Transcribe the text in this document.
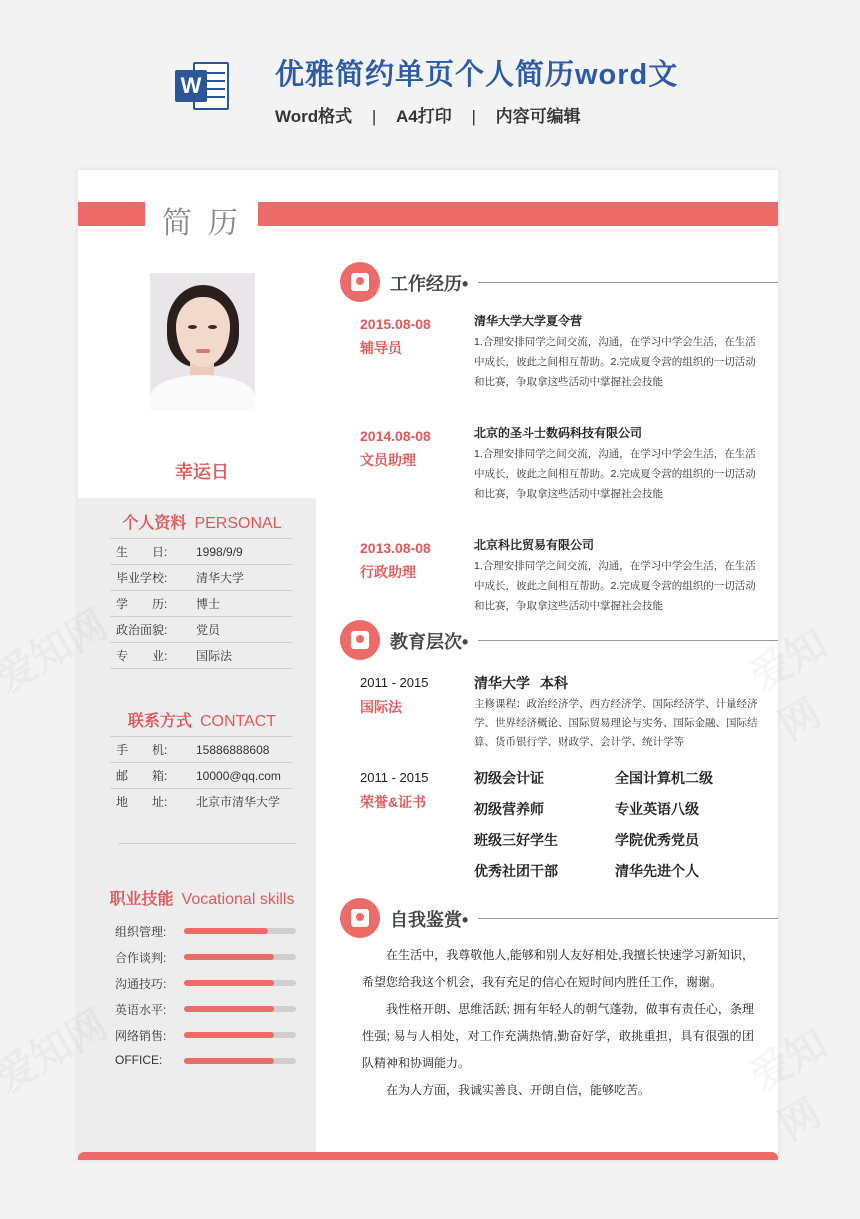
W	优雅简约单页个人简历word文
Word格式 | A4打印 | 内容可编辑
简历
幸运日
个人资料 PERSONAL
生　　日: 1998/9/9
毕业学校: 清华大学
学　　历: 博士
政治面貌: 党员
专　　业: 国际法
联系方式 CONTACT
手　　机: 15886888608
邮　　箱: 10000@qq.com
地　　址: 北京市清华大学
职业技能 Vocational skills
组织管理:
合作谈判:
沟通技巧:
英语水平:
网络销售:
OFFICE:
工作经历•
2015.08-08
辅导员
清华大学大学夏令营
1.合理安排同学之间交流，沟通，在学习中学会生活，在生活中成长，彼此之间相互帮助。2.完成夏令营的组织的一切活动和比赛，争取拿这些活动中掌握社会技能
2014.08-08
文员助理
北京的圣斗士数码科技有限公司
1.合理安排同学之间交流，沟通，在学习中学会生活，在生活中成长，彼此之间相互帮助。2.完成夏令营的组织的一切活动和比赛，争取拿这些活动中掌握社会技能
2013.08-08
行政助理
北京科比贸易有限公司
1.合理安排同学之间交流，沟通，在学习中学会生活，在生活中成长，彼此之间相互帮助。2.完成夏令营的组织的一切活动和比赛，争取拿这些活动中掌握社会技能
教育层次•
2011 - 2015
国际法
清华大学 本科
主修课程：政治经济学、西方经济学、国际经济学、计量经济学、世界经济概论、国际贸易理论与实务、国际金融、国际结算、货币银行学、财政学、会计学、统计学等
2011 - 2015
荣誉&证书
初级会计证	全国计算机二级
初级营养师	专业英语八级
班级三好学生	学院优秀党员
优秀社团干部	清华先进个人
自我鉴赏•

在生活中，我尊敬他人,能够和别人友好相处,我擅长快速学习新知识，希望您给我这个机会，我有充足的信心在短时间内胜任工作，谢谢。

我性格开朗、思维活跃; 拥有年轻人的朝气蓬勃，做事有责任心，条理性强; 易与人相处，对工作充满热情,勤奋好学，敢挑重担，具有很强的团队精神和协调能力。

在为人方面，我诚实善良、开朗自信，能够吃苦。
